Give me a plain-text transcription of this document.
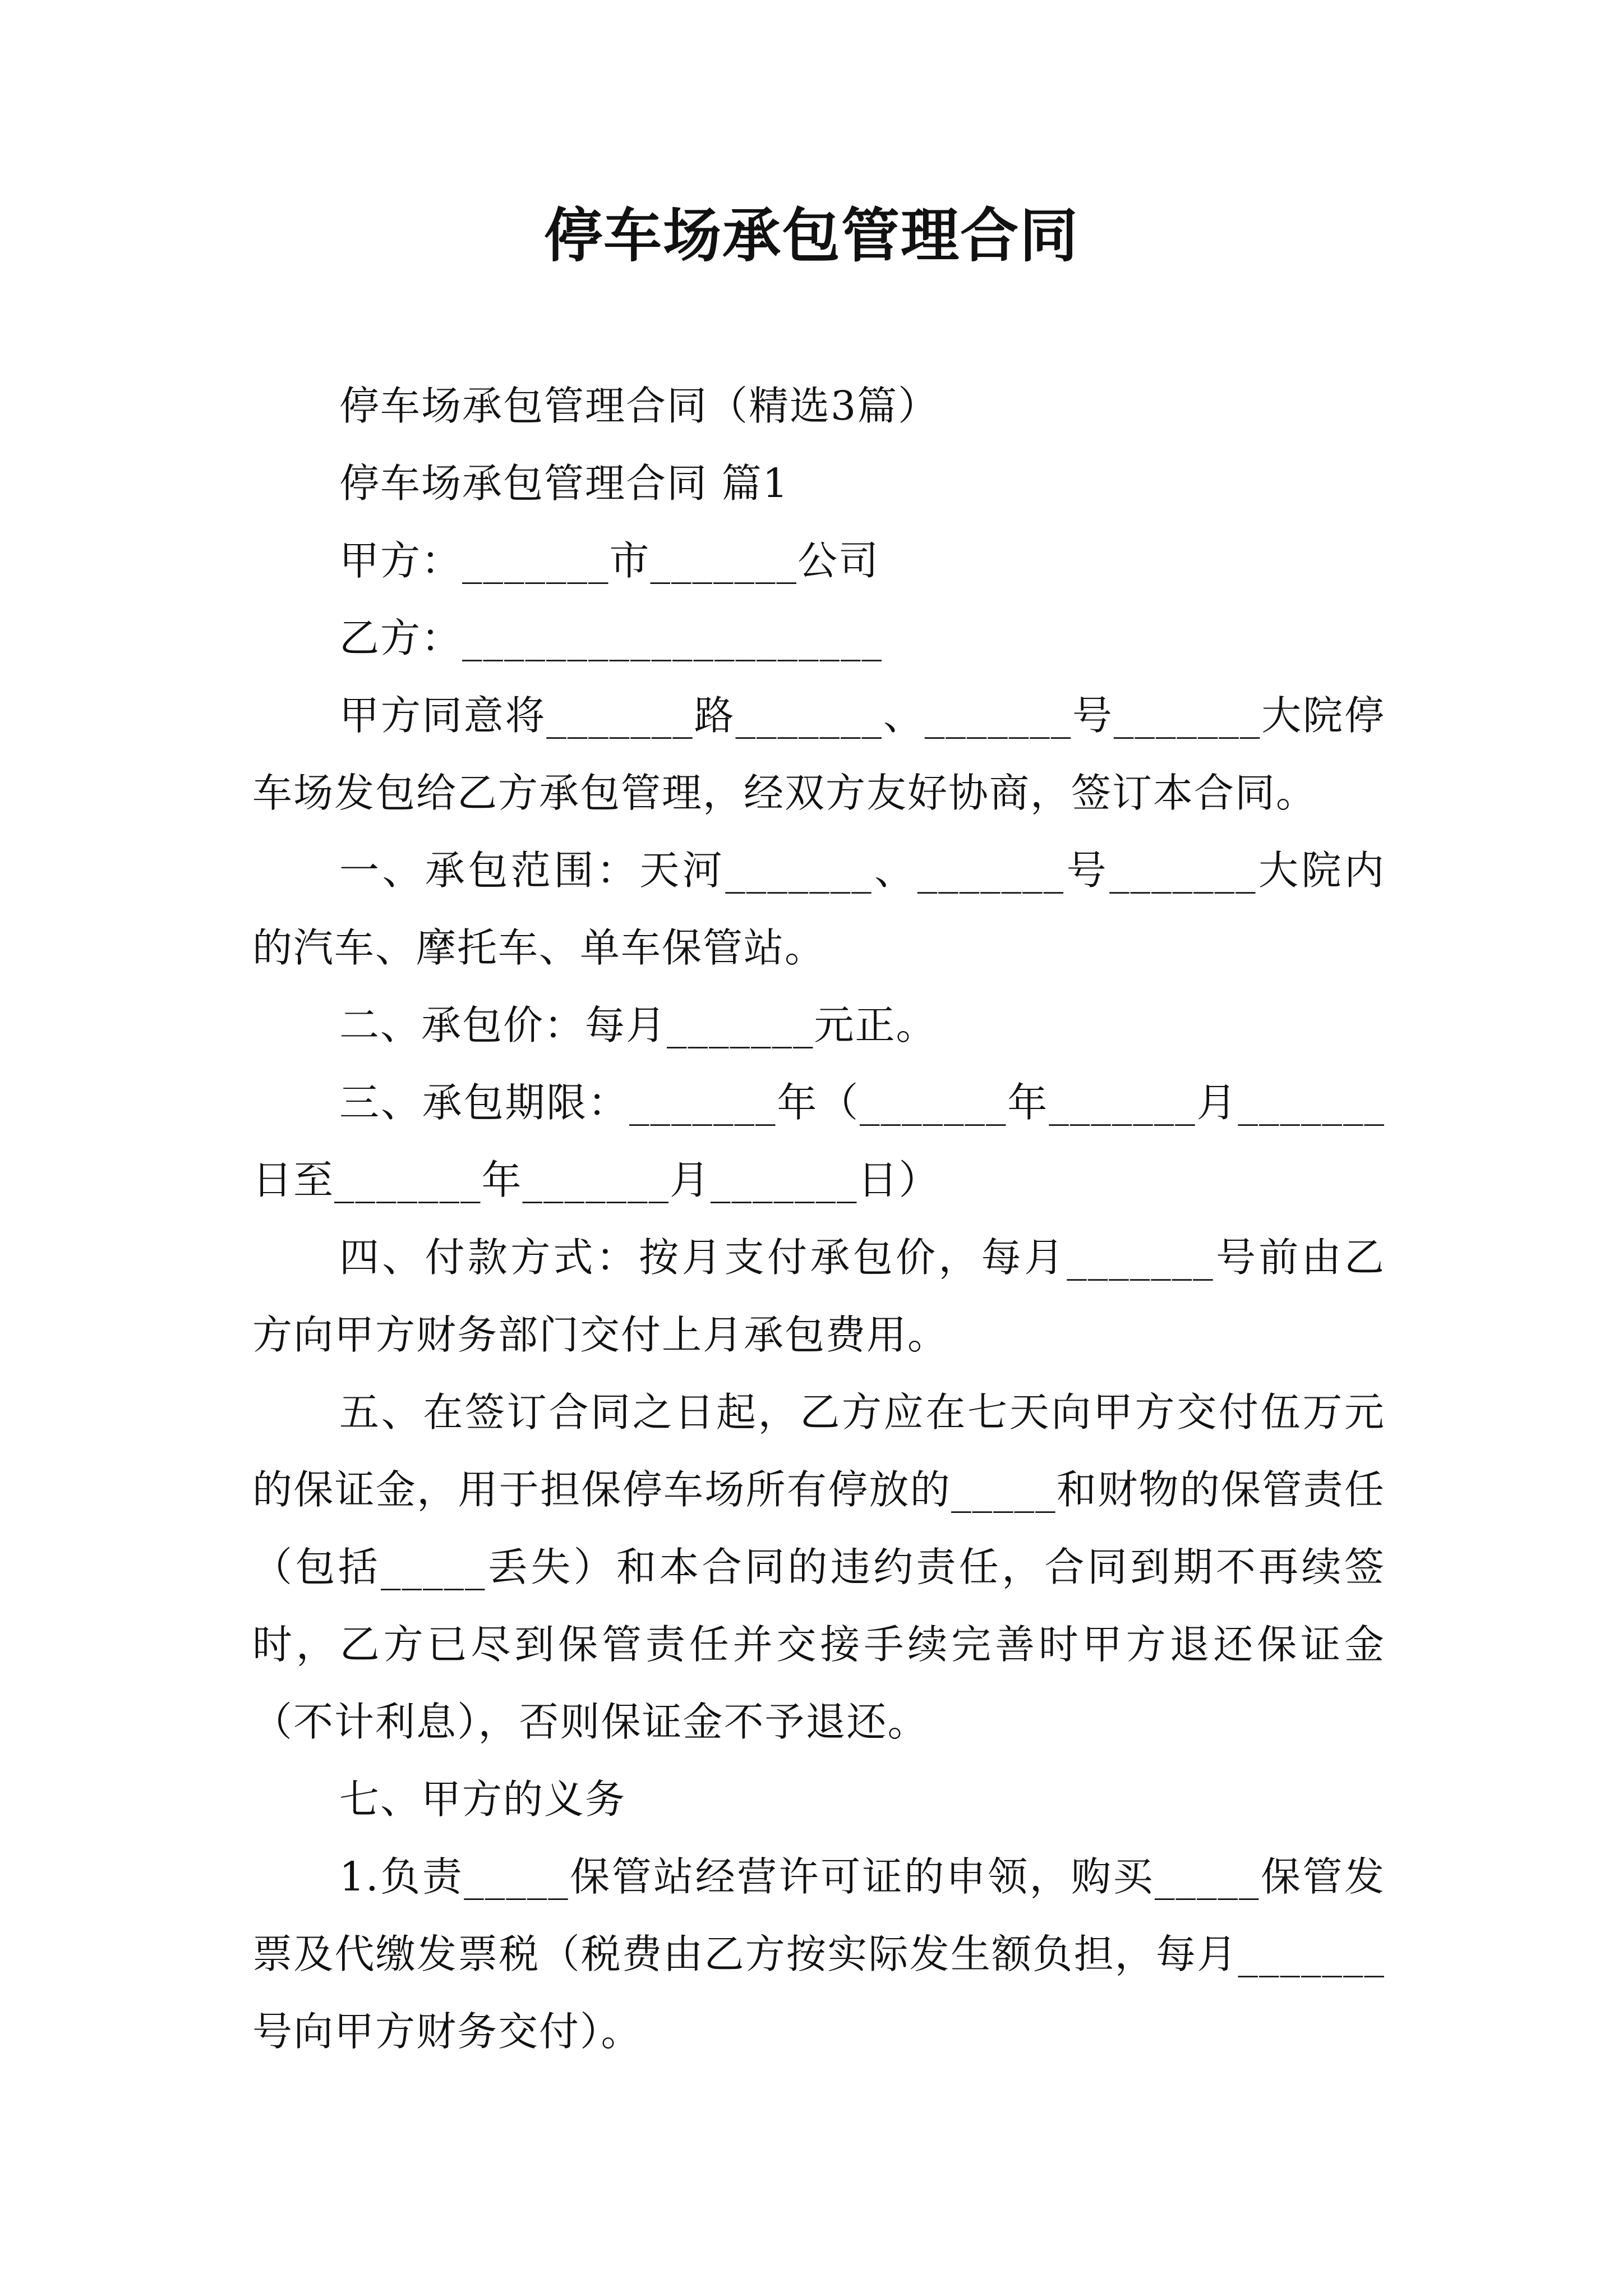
停车场承包管理合同

停车场承包管理合同（精选3篇）

停车场承包管理合同 篇1

甲方：_______市_______公司

乙方：____________________

甲方同意将_______路_______、_______号_______大院停车场发包给乙方承包管理，经双方友好协商，签订本合同。

一、承包范围：天河_______、_______号_______大院内的汽车、摩托车、单车保管站。

二、承包价：每月_______元正。

三、承包期限：_______年（_______年_______月_______日至_______年_______月_______日）

四、付款方式：按月支付承包价，每月_______号前由乙方向甲方财务部门交付上月承包费用。

五、在签订合同之日起，乙方应在七天向甲方交付伍万元的保证金，用于担保停车场所有停放的_____和财物的保管责任（包括_____丢失）和本合同的违约责任，合同到期不再续签时，乙方已尽到保管责任并交接手续完善时甲方退还保证金（不计利息），否则保证金不予退还。

七、甲方的义务

1.负责_____保管站经营许可证的申领，购买_____保管发票及代缴发票税（税费由乙方按实际发生额负担，每月_______号向甲方财务交付）。
